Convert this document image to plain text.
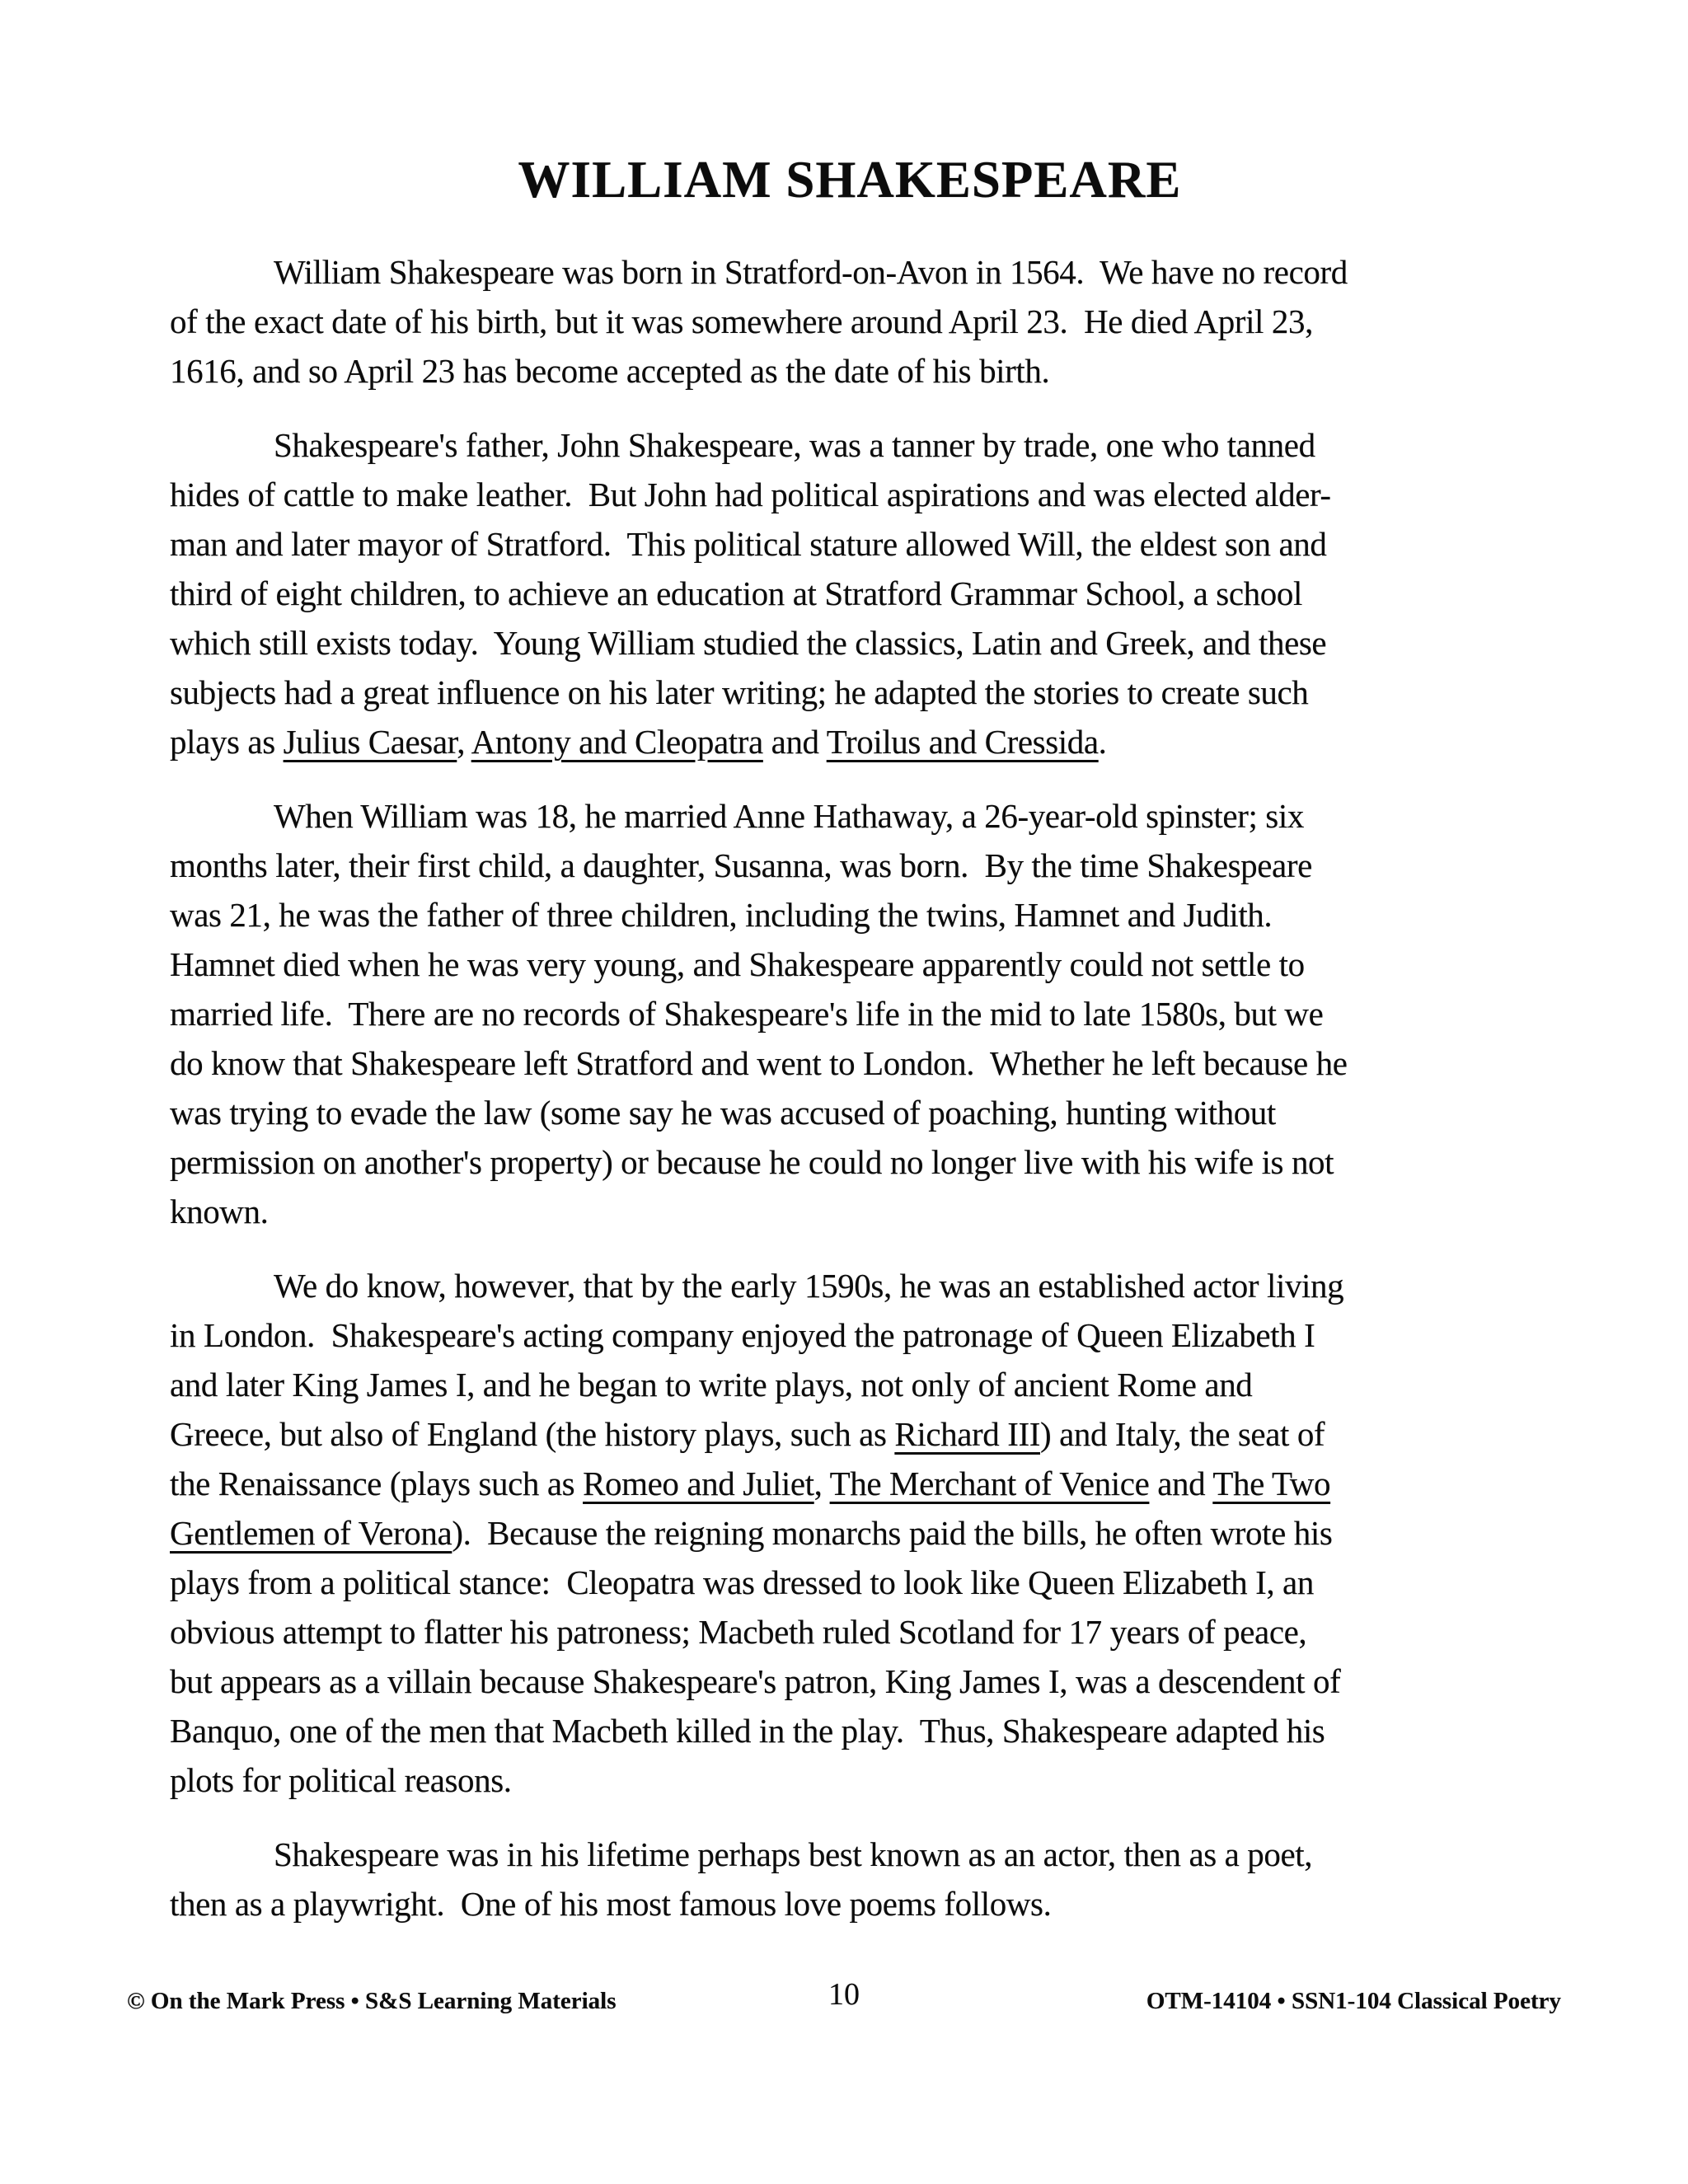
WILLIAM SHAKESPEARE
William Shakespeare was born in Stratford-on-Avon in 1564.  We have no record
of the exact date of his birth, but it was somewhere around April 23.  He died April 23,
1616, and so April 23 has become accepted as the date of his birth.
Shakespeare's father, John Shakespeare, was a tanner by trade, one who tanned
hides of cattle to make leather.  But John had political aspirations and was elected alder-
man and later mayor of Stratford.  This political stature allowed Will, the eldest son and
third of eight children, to achieve an education at Stratford Grammar School, a school
which still exists today.  Young William studied the classics, Latin and Greek, and these
subjects had a great influence on his later writing; he adapted the stories to create such
plays as Julius Caesar, Antony and Cleopatra and Troilus and Cressida.
When William was 18, he married Anne Hathaway, a 26-year-old spinster; six
months later, their first child, a daughter, Susanna, was born.  By the time Shakespeare
was 21, he was the father of three children, including the twins, Hamnet and Judith.
Hamnet died when he was very young, and Shakespeare apparently could not settle to
married life.  There are no records of Shakespeare's life in the mid to late 1580s, but we
do know that Shakespeare left Stratford and went to London.  Whether he left because he
was trying to evade the law (some say he was accused of poaching, hunting without
permission on another's property) or because he could no longer live with his wife is not
known.
We do know, however, that by the early 1590s, he was an established actor living
in London.  Shakespeare's acting company enjoyed the patronage of Queen Elizabeth I
and later King James I, and he began to write plays, not only of ancient Rome and
Greece, but also of England (the history plays, such as Richard III) and Italy, the seat of
the Renaissance (plays such as Romeo and Juliet, The Merchant of Venice and The Two
Gentlemen of Verona).  Because the reigning monarchs paid the bills, he often wrote his
plays from a political stance:  Cleopatra was dressed to look like Queen Elizabeth I, an
obvious attempt to flatter his patroness; Macbeth ruled Scotland for 17 years of peace,
but appears as a villain because Shakespeare's patron, King James I, was a descendent of
Banquo, one of the men that Macbeth killed in the play.  Thus, Shakespeare adapted his
plots for political reasons.
Shakespeare was in his lifetime perhaps best known as an actor, then as a poet,
then as a playwright.  One of his most famous love poems follows.
© On the Mark Press • S&S Learning Materials	10	OTM-14104 • SSN1-104 Classical Poetry
